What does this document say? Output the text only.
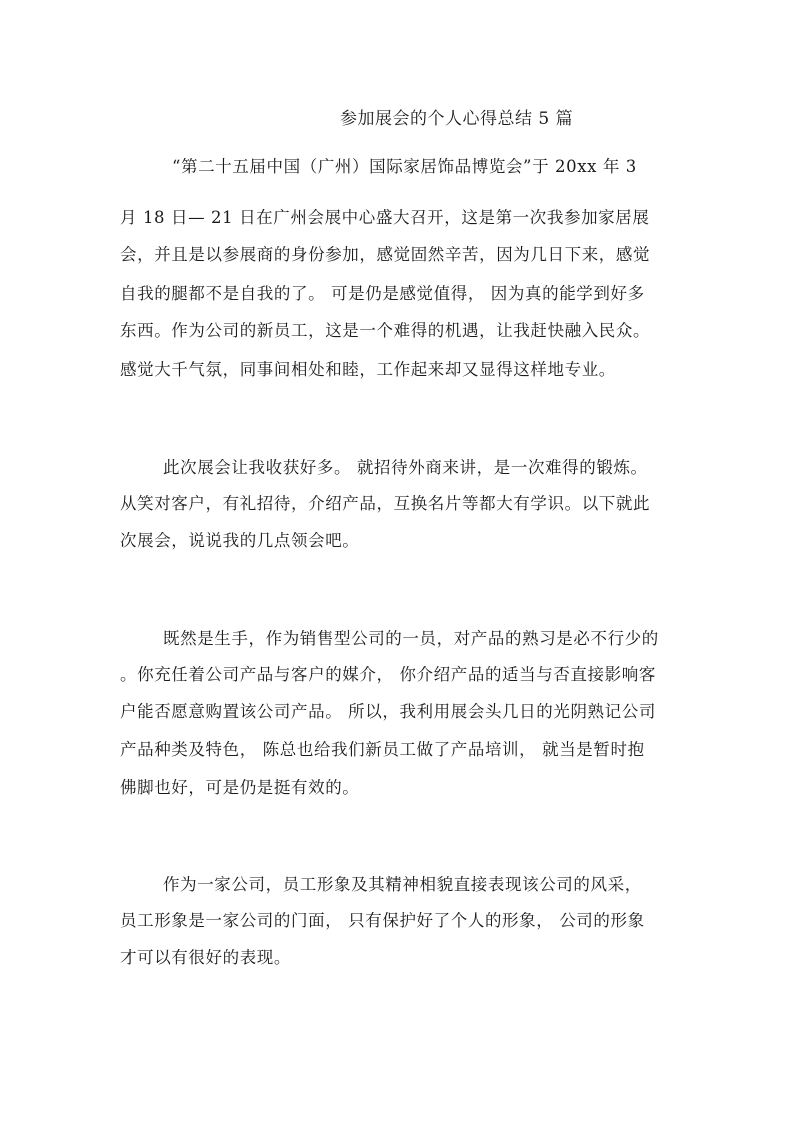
参加展会的个人心得总结 5 篇
“第二十五届中国（广州）国际家居饰品博览会”于 20xx 年 3
月 18 日— 21 日在广州会展中心盛大召开，这是第一次我参加家居展
会，并且是以参展商的身份参加，感觉固然辛苦，因为几日下来，感觉
自我的腿都不是自我的了。 可是仍是感觉值得， 因为真的能学到好多
东西。作为公司的新员工，这是一个难得的机遇，让我赶快融入民众。
感觉大千气氛，同事间相处和睦，工作起来却又显得这样地专业。
此次展会让我收获好多。 就招待外商来讲，是一次难得的锻炼。
从笑对客户，有礼招待，介绍产品，互换名片等都大有学识。以下就此
次展会，说说我的几点领会吧。
既然是生手，作为销售型公司的一员，对产品的熟习是必不行少的
。你充任着公司产品与客户的媒介， 你介绍产品的适当与否直接影响客
户能否愿意购置该公司产品。 所以，我利用展会头几日的光阴熟记公司
产品种类及特色， 陈总也给我们新员工做了产品培训， 就当是暂时抱
佛脚也好，可是仍是挺有效的。
作为一家公司，员工形象及其精神相貌直接表现该公司的风采，
员工形象是一家公司的门面， 只有保护好了个人的形象， 公司的形象
才可以有很好的表现。
